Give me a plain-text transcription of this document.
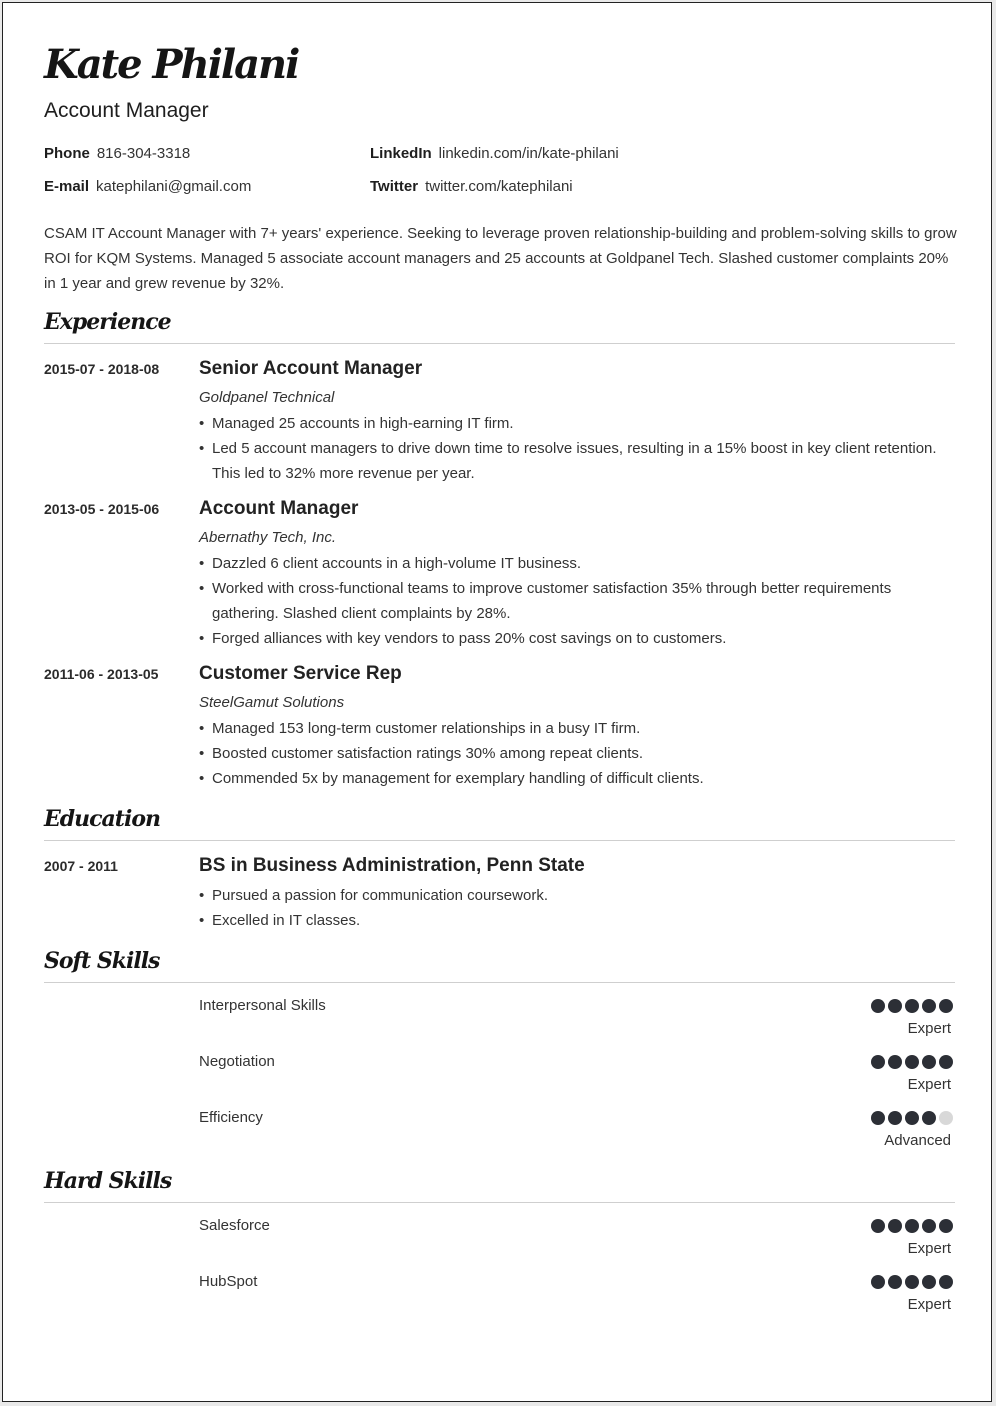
Kate Philani
Account Manager
Phone 816-304-3318	LinkedIn linkedin.com/in/kate-philani
E-mail katephilani@gmail.com	Twitter twitter.com/katephilani
CSAM IT Account Manager with 7+ years' experience. Seeking to leverage proven relationship-building and problem-solving skills to grow ROI for KQM Systems. Managed 5 associate account managers and 25 accounts at Goldpanel Tech. Slashed customer complaints 20% in 1 year and grew revenue by 32%.
Experience
2015-07 - 2018-08 Senior Account Manager
Goldpanel Technical
• Managed 25 accounts in high-earning IT firm.
• Led 5 account managers to drive down time to resolve issues, resulting in a 15% boost in key client retention. This led to 32% more revenue per year.
2013-05 - 2015-06 Account Manager
Abernathy Tech, Inc.
• Dazzled 6 client accounts in a high-volume IT business.
• Worked with cross-functional teams to improve customer satisfaction 35% through better requirements gathering. Slashed client complaints by 28%.
• Forged alliances with key vendors to pass 20% cost savings on to customers.
2011-06 - 2013-05 Customer Service Rep
SteelGamut Solutions
• Managed 153 long-term customer relationships in a busy IT firm.
• Boosted customer satisfaction ratings 30% among repeat clients.
• Commended 5x by management for exemplary handling of difficult clients.
Education
2007 - 2011	BS in Business Administration, Penn State
• Pursued a passion for communication coursework.
• Excelled in IT classes.
Soft Skills
Interpersonal Skills
Expert
Negotiation
Expert
Efficiency
Advanced
Hard Skills
Salesforce
Expert
HubSpot
Expert
